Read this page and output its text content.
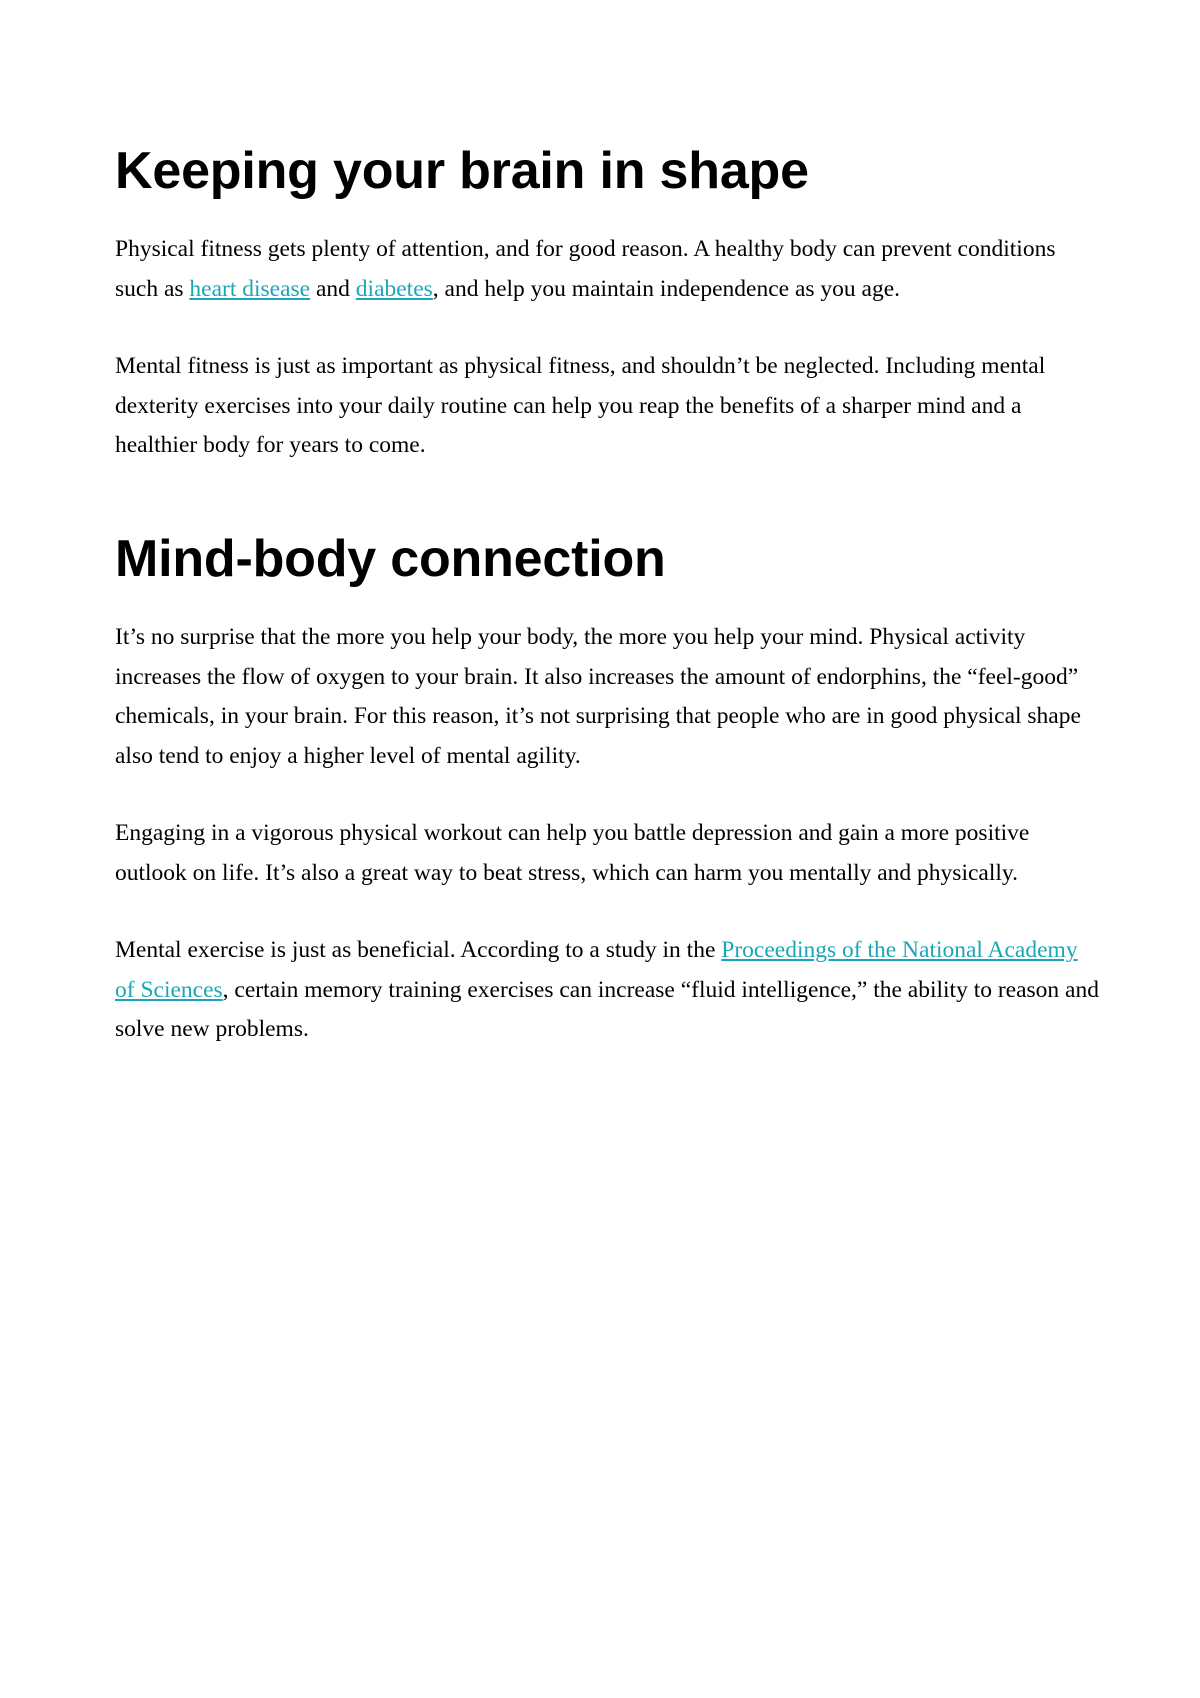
Keeping your brain in shape

Physical fitness gets plenty of attention, and for good reason. A healthy body can prevent conditions such as heart disease and diabetes, and help you maintain independence as you age.

Mental fitness is just as important as physical fitness, and shouldn’t be neglected. Including mental dexterity exercises into your daily routine can help you reap the benefits of a sharper mind and a healthier body for years to come.

Mind-body connection

It’s no surprise that the more you help your body, the more you help your mind. Physical activity increases the flow of oxygen to your brain. It also increases the amount of endorphins, the “feel-good” chemicals, in your brain. For this reason, it’s not surprising that people who are in good physical shape also tend to enjoy a higher level of mental agility.

Engaging in a vigorous physical workout can help you battle depression and gain a more positive outlook on life. It’s also a great way to beat stress, which can harm you mentally and physically.

Mental exercise is just as beneficial. According to a study in the Proceedings of the National Academy of Sciences, certain memory training exercises can increase “fluid intelligence,” the ability to reason and solve new problems.
